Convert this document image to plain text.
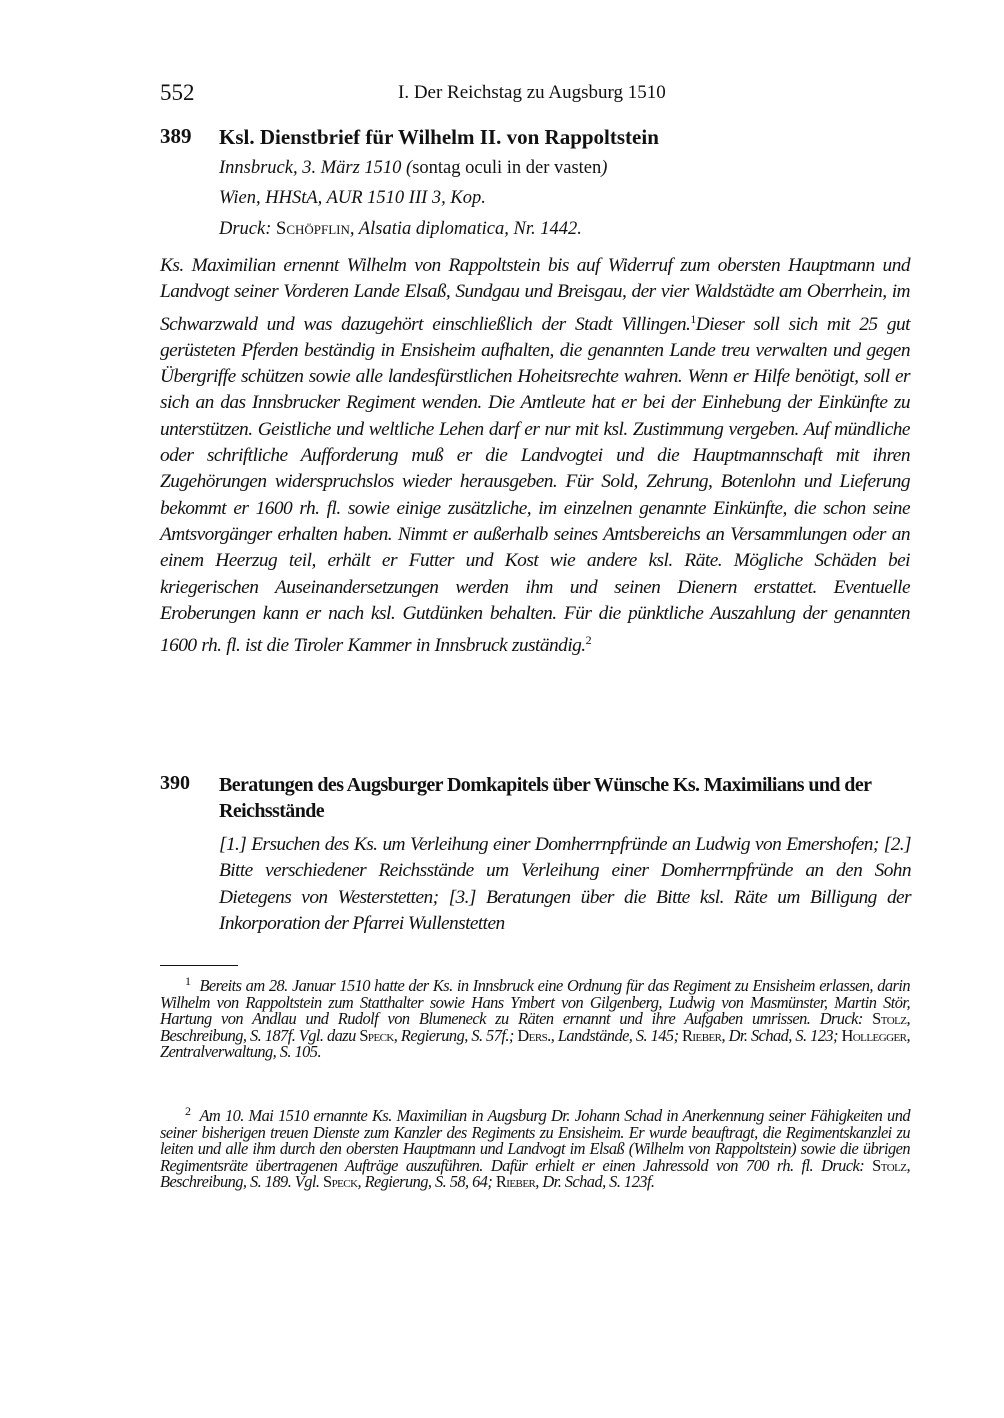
552	I. Der Reichstag zu Augsburg 1510
389 Ksl. Dienstbrief für Wilhelm II. von Rappoltstein
Innsbruck, 3. März 1510 (sontag oculi in der vasten)
Wien, HHStA, AUR 1510 III 3, Kop.
Druck: Schöpflin, Alsatia diplomatica, Nr. 1442.

Ks. Maximilian ernennt Wilhelm von Rappoltstein bis auf Widerruf zum obersten Hauptmann und Landvogt seiner Vorderen Lande Elsaß, Sundgau und Breisgau, der vier Waldstädte am Oberrhein, im Schwarzwald und was dazugehört einschließlich der Stadt Villingen.$^1$Dieser soll sich mit 25 gut gerüsteten Pferden beständig in Ensisheim aufhalten, die genannten Lande treu verwalten und gegen Übergriffe schützen sowie alle landesfürstlichen Hoheitsrechte wahren. Wenn er Hilfe benötigt, soll er sich an das Innsbrucker Regiment wenden. Die Amtleute hat er bei der Einhebung der Einkünfte zu unterstützen. Geistliche und weltliche Lehen darf er nur mit ksl. Zustimmung vergeben. Auf mündliche oder schriftliche Aufforderung muß er die Landvogtei und die Hauptmannschaft mit ihren Zugehörungen widerspruchslos wieder herausgeben. Für Sold, Zehrung, Botenlohn und Lieferung bekommt er 1600 rh. fl. sowie einige zusätzliche, im einzelnen genannte Einkünfte, die schon seine Amtsvorgänger erhalten haben. Nimmt er außerhalb seines Amtsbereichs an Versammlungen oder an einem Heerzug teil, erhält er Futter und Kost wie andere ksl. Räte. Mögliche Schäden bei kriegerischen Auseinandersetzungen werden ihm und seinen Dienern erstattet. Eventuelle Eroberungen kann er nach ksl. Gutdünken behalten. Für die pünktliche Auszahlung der genannten 1600 rh. fl. ist die Tiroler Kammer in Innsbruck zuständig.$^2$

390 Beratungen des Augsburger Domkapitels über Wünsche Ks. Maximilians und der Reichsstände
[1.] Ersuchen des Ks. um Verleihung einer Domherrnpfründe an Ludwig von Emershofen; [2.] Bitte verschiedener Reichsstände um Verleihung einer Domherrnpfründe an den Sohn Dietegens von Westerstetten; [3.] Beratungen über die Bitte ksl. Räte um Billigung der Inkorporation der Pfarrei Wullenstetten
$^1$ Bereits am 28. Januar 1510 hatte der Ks. in Innsbruck eine Ordnung für das Regiment zu Ensisheim erlassen, darin Wilhelm von Rappoltstein zum Statthalter sowie Hans Ymbert von Gilgenberg, Ludwig von Masmünster, Martin Stör, Hartung von Andlau und Rudolf von Blumeneck zu Räten ernannt und ihre Aufgaben umrissen. Druck: Stolz, Beschreibung, S. 187f. Vgl. dazu Speck, Regierung, S. 57f.; Ders., Landstände, S. 145; Rieber, Dr. Schad, S. 123; Hollegger, Zentralverwaltung, S. 105.
$^2$ Am 10. Mai 1510 ernannte Ks. Maximilian in Augsburg Dr. Johann Schad in Anerkennung seiner Fähigkeiten und seiner bisherigen treuen Dienste zum Kanzler des Regiments zu Ensisheim. Er wurde beauftragt, die Regimentskanzlei zu leiten und alle ihm durch den obersten Hauptmann und Landvogt im Elsaß (Wilhelm von Rappoltstein) sowie die übrigen Regimentsräte übertragenen Aufträge auszuführen. Dafür erhielt er einen Jahressold von 700 rh. fl. Druck: Stolz, Beschreibung, S. 189. Vgl. Speck, Regierung, S. 58, 64; Rieber, Dr. Schad, S. 123f.
